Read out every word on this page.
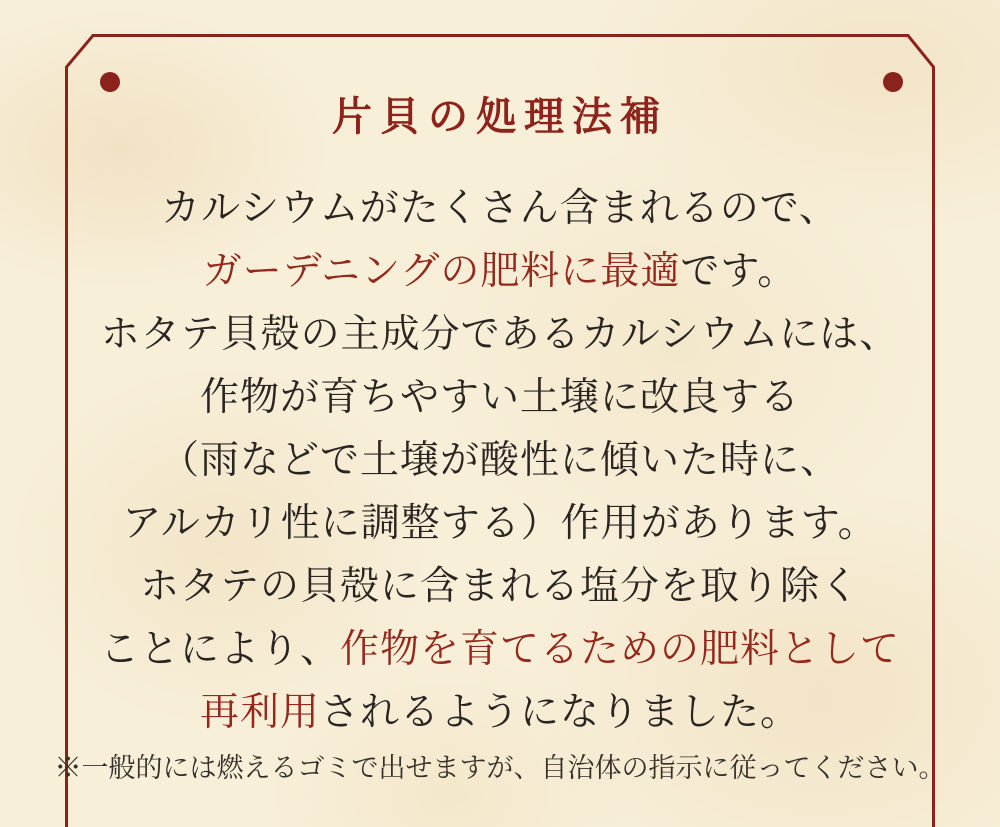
片貝の処理法補
カルシウムがたくさん含まれるので、
ガーデニングの肥料に最適です。
ホタテ貝殻の主成分であるカルシウムには、
作物が育ちやすい土壌に改良する
（雨などで土壌が酸性に傾いた時に、
アルカリ性に調整する）作用があります。
ホタテの貝殻に含まれる塩分を取り除く
ことにより、作物を育てるための肥料として
再利用されるようになりました。
※一般的には燃えるゴミで出せますが、自治体の指示に従ってください。
